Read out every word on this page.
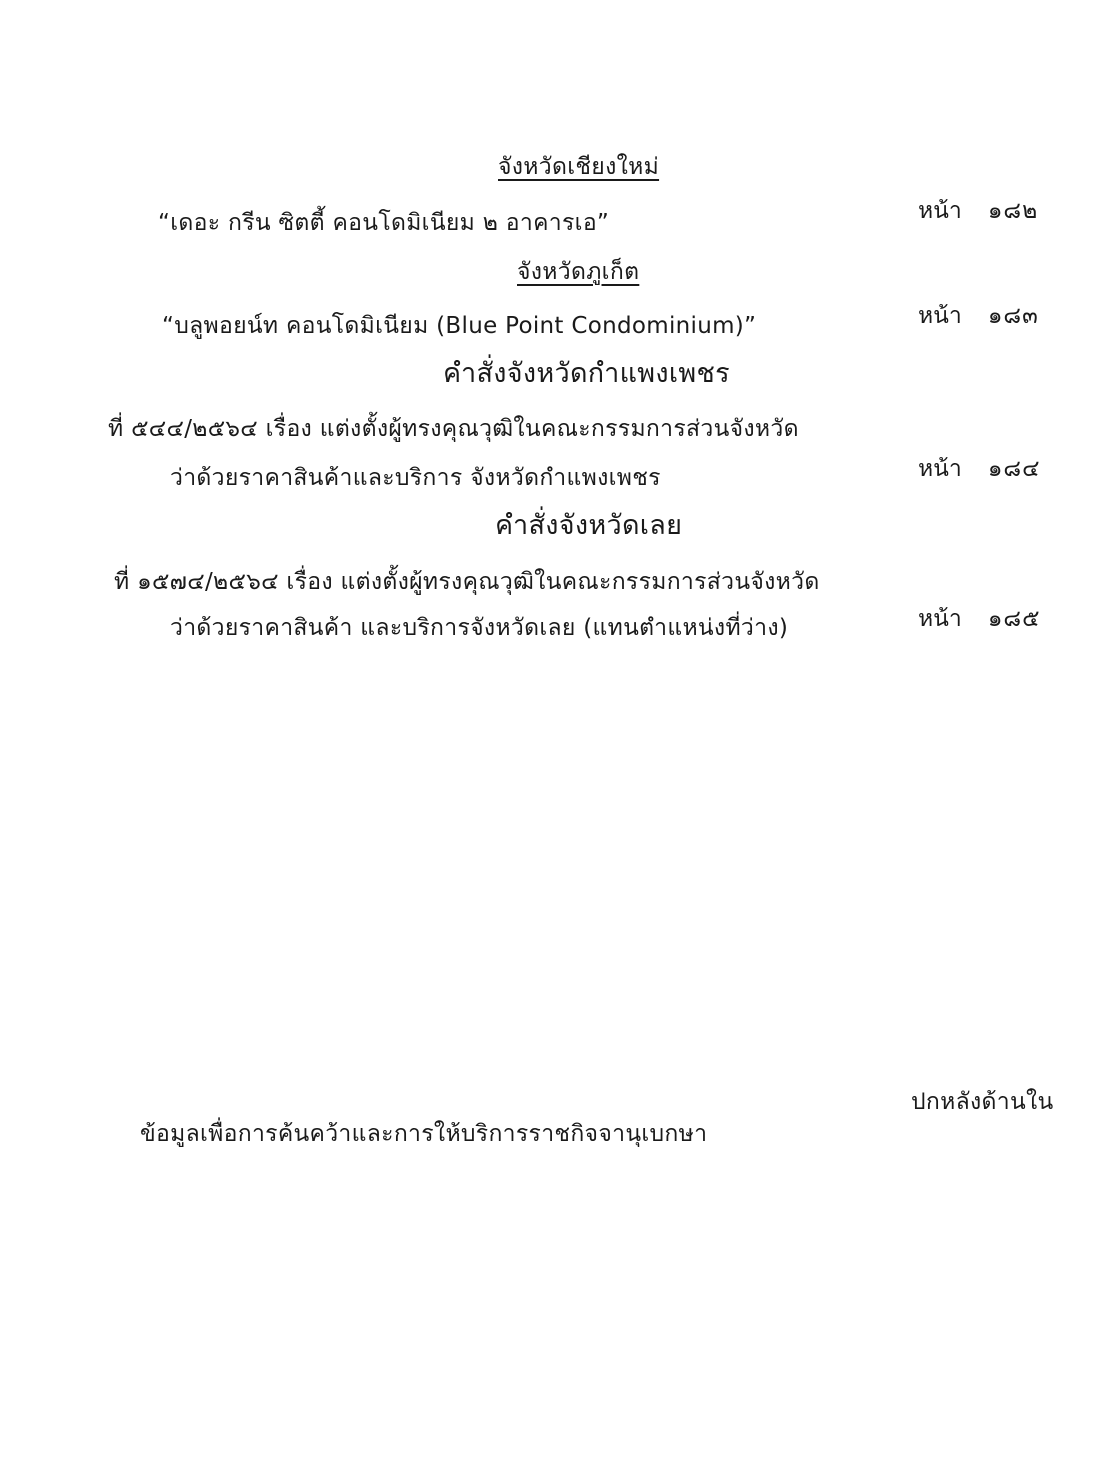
จังหวัดเชียงใหม่
“เดอะ กรีน ซิตตี้ คอนโดมิเนียม ๒ อาคารเอ”	หน้า ๑๘๒
จังหวัดภูเก็ต
“บลูพอยน์ท คอนโดมิเนียม (Blue Point Condominium)”	หน้า ๑๘๓
คำสั่งจังหวัดกำแพงเพชร
ที่ ๕๔๔/๒๕๖๔ เรื่อง แต่งตั้งผู้ทรงคุณวุฒิในคณะกรรมการส่วนจังหวัด
ว่าด้วยราคาสินค้าและบริการ จังหวัดกำแพงเพชร	หน้า ๑๘๔
คำสั่งจังหวัดเลย
ที่ ๑๕๗๔/๒๕๖๔ เรื่อง แต่งตั้งผู้ทรงคุณวุฒิในคณะกรรมการส่วนจังหวัด
ว่าด้วยราคาสินค้า และบริการจังหวัดเลย (แทนตำแหน่งที่ว่าง)	หน้า ๑๘๕
ข้อมูลเพื่อการค้นคว้าและการให้บริการราชกิจจานุเบกษา
ปกหลังด้านใน
